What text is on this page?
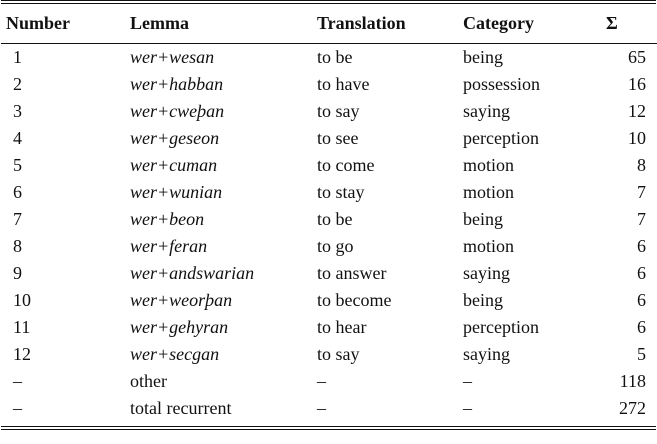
Number	Lemma	Translation	Category	Σ

1	wer+wesan	to be	being	65
2	wer+habban	to have	possession	16
3	wer+cweþan	to say	saying	12
4	wer+geseon	to see	perception	10
5	wer+cuman	to come	motion	8
6	wer+wunian	to stay	motion	7
7	wer+beon	to be	being	7
8	wer+feran	to go	motion	6
9	wer+andswarian	to answer	saying	6
10	wer+weorþan	to become	being	6
11	wer+gehyran	to hear	perception	6
12	wer+secgan	to say	saying	5
–	other	–	–	118
–	total recurrent	–	–	272
